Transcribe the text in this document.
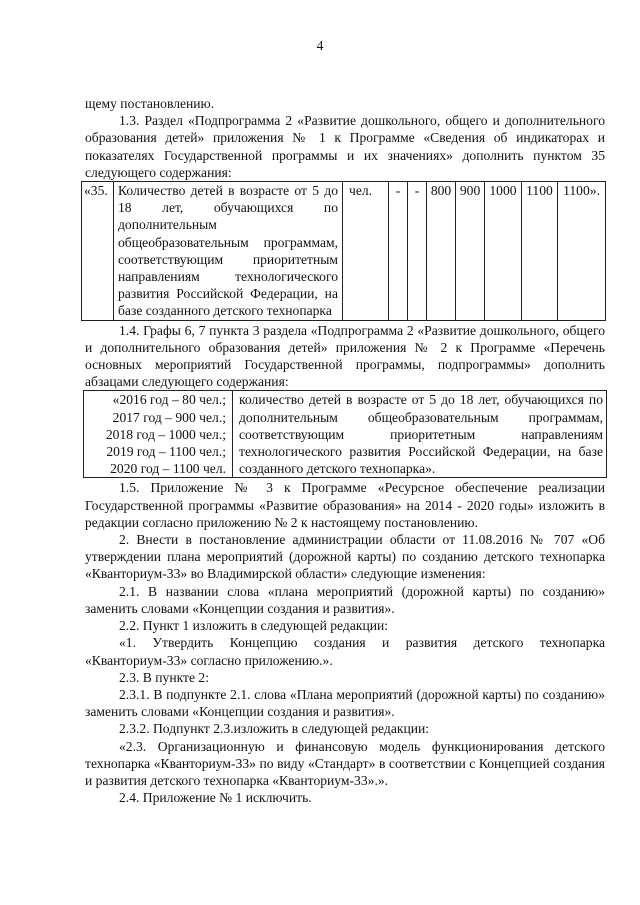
4

щему постановлению.

1.3. Раздел «Подпрограмма 2 «Развитие дошкольного, общего и дополнительного образования детей» приложения № 1 к Программе «Сведения об индикаторах и показателях Государственной программы и их значениях» дополнить пунктом 35 следующего содержания:

«35.	Количество детей в возрасте от 5 до 18 лет, обучающихся по дополнительным общеобразовательным программам, соответствующим приоритетным направлениям технологического развития Российской Федерации, на базе созданного детского технопарка	чел.	-	-	800	900	1000	1100	1100».

1.4. Графы 6, 7 пункта 3 раздела «Подпрограмма 2 «Развитие дошкольного, общего и дополнительного образования детей» приложения № 2 к Программе «Перечень основных мероприятий Государственной программы, подпрограммы» дополнить абзацами следующего содержания:

«2016 год – 80 чел.;
2017 год – 900 чел.;
2018 год – 1000 чел.;
2019 год – 1100 чел.;
2020 год – 1100 чел.
	количество детей в возрасте от 5 до 18 лет, обучающихся по дополнительным общеобразовательным программам, соответствующим приоритетным направлениям технологического развития Российской Федерации, на базе созданного детского технопарка».

1.5. Приложение № 3 к Программе «Ресурсное обеспечение реализации Государственной программы «Развитие образования» на 2014 - 2020 годы» изложить в редакции согласно приложению № 2 к настоящему постановлению.

2. Внести в постановление администрации области от 11.08.2016 № 707 «Об утверждении плана мероприятий (дорожной карты) по созданию детского технопарка «Кванториум-33» во Владимирской области» следующие изменения:

2.1. В названии слова «плана мероприятий (дорожной карты) по созданию» заменить словами «Концепции создания и развития».

2.2. Пункт 1 изложить в следующей редакции:

«1. Утвердить Концепцию создания и развития детского технопарка «Кванториум-33» согласно приложению.».

2.3. В пункте 2:

2.3.1. В подпункте 2.1. слова «Плана мероприятий (дорожной карты) по созданию» заменить словами «Концепции создания и развития».

2.3.2. Подпункт 2.3.изложить в следующей редакции:

«2.3. Организационную и финансовую модель функционирования детского технопарка «Кванториум-33» по виду «Стандарт» в соответствии с Концепцией создания и развития детского технопарка «Кванториум-33».».

2.4. Приложение № 1 исключить.
